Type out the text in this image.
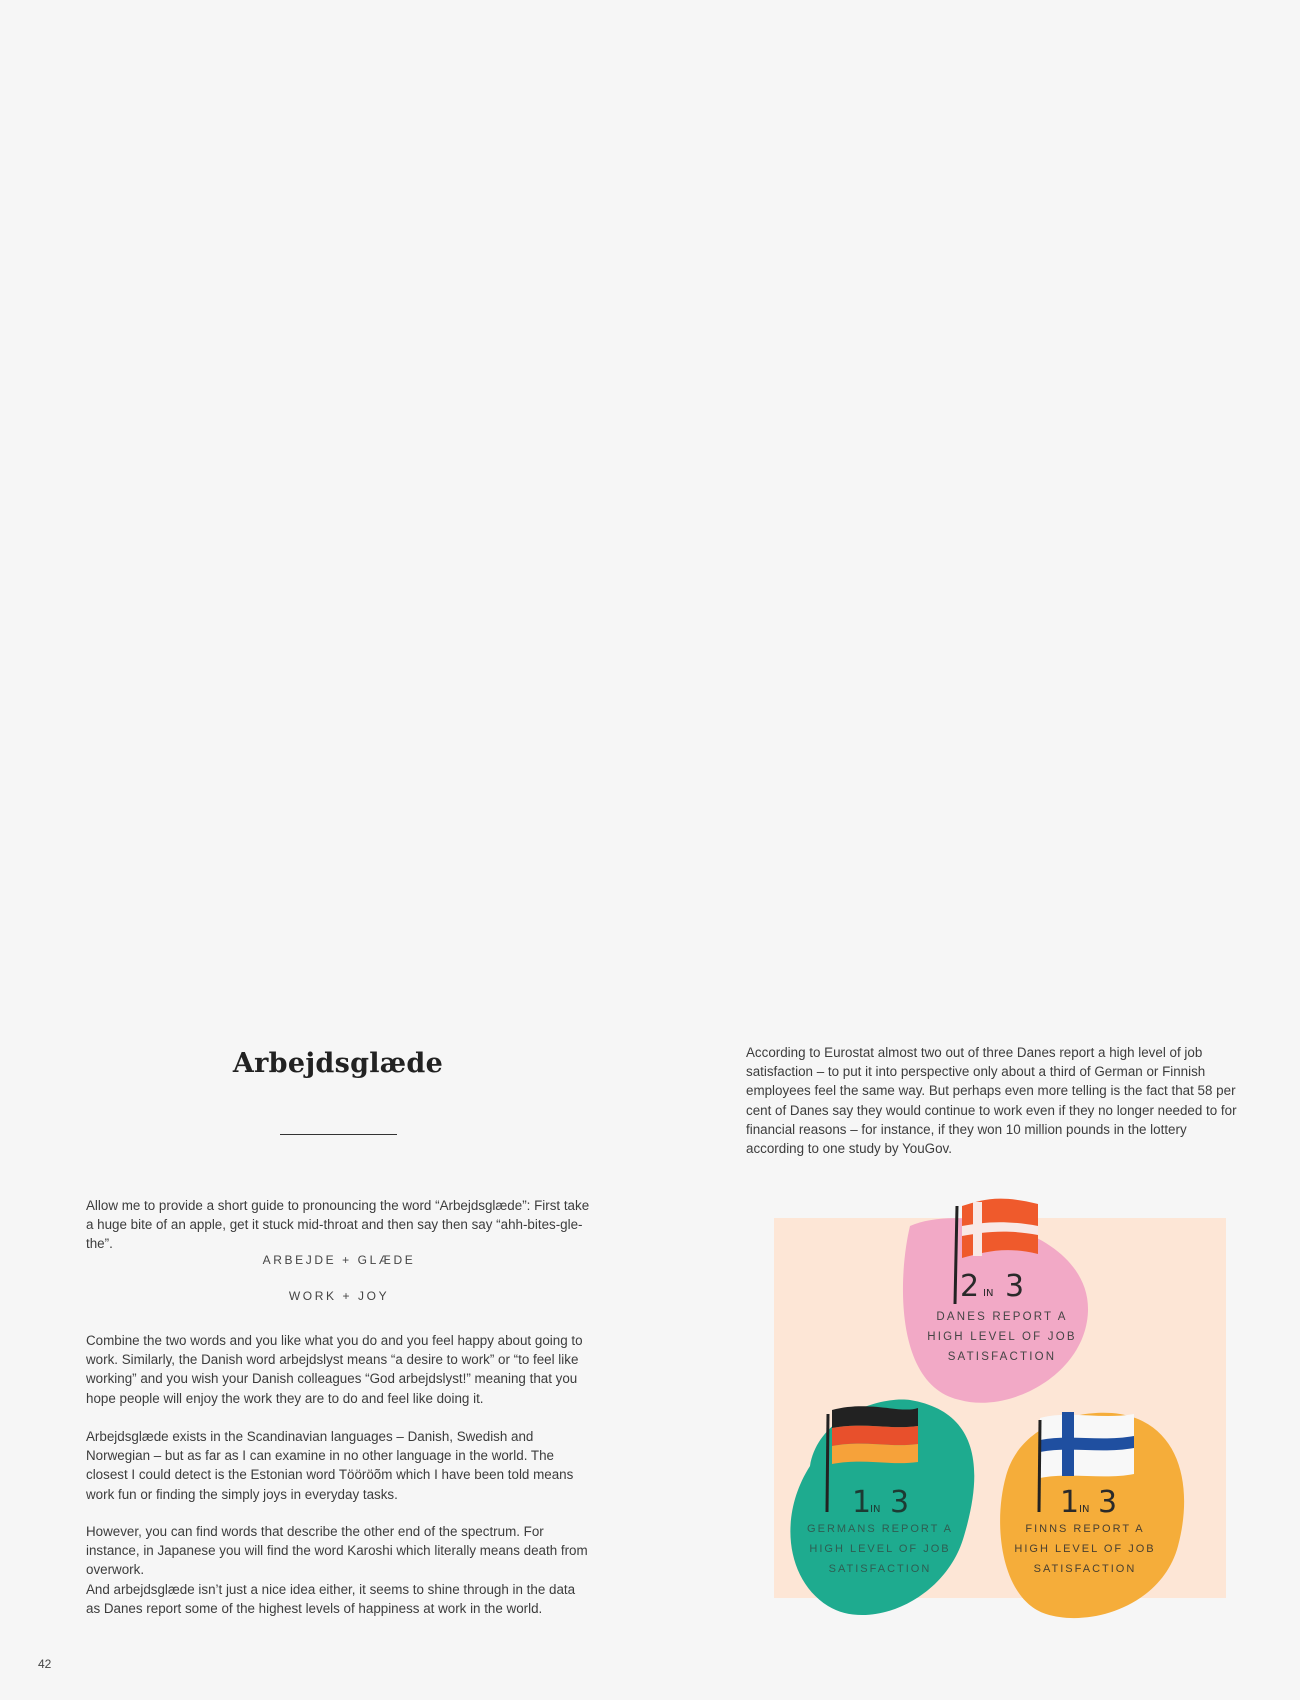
Arbejdsglæde

Allow me to provide a short guide to pronouncing the word “Arbejdsglæde”: First take a huge bite of an apple, get it stuck mid-throat and then say then say “ahh-bites-gle-the”.

ARBEJDE + GLÆDE
WORK + JOY

Combine the two words and you like what you do and you feel happy about going to work. Similarly, the Danish word arbejdslyst means “a desire to work” or “to feel like working” and you wish your Danish colleagues “God arbejdslyst!” meaning that you hope people will enjoy the work they are to do and feel like doing it.

Arbejdsglæde exists in the Scandinavian languages – Danish, Swedish and Norwegian – but as far as I can examine in no other language in the world. The closest I could detect is the Estonian word Tööröõm which I have been told means work fun or finding the simply joys in everyday tasks.

However, you can find words that describe the other end of the spectrum. For instance, in Japanese you will find the word Karoshi which literally means death from overwork.

And arbejdsglæde isn’t just a nice idea either, it seems to shine through in the data as Danes report some of the highest levels of happiness at work in the world.

According to Eurostat almost two out of three Danes report a high level of job satisfaction – to put it into perspective only about a third of German or Finnish employees feel the same way. But perhaps even more telling is the fact that 58 per cent of Danes say they would continue to work even if they no longer needed to for financial reasons – for instance, if they won 10 million pounds in the lottery according to one study by YouGov.

2 IN 3
DANES REPORT A
HIGH LEVEL OF JOB
SATISFACTION
1
IN 3
GERMANS REPORT A
HIGH LEVEL OF JOB
SATISFACTION
1 IN 3
FINNS REPORT A
HIGH LEVEL OF JOB
SATISFACTION
42
